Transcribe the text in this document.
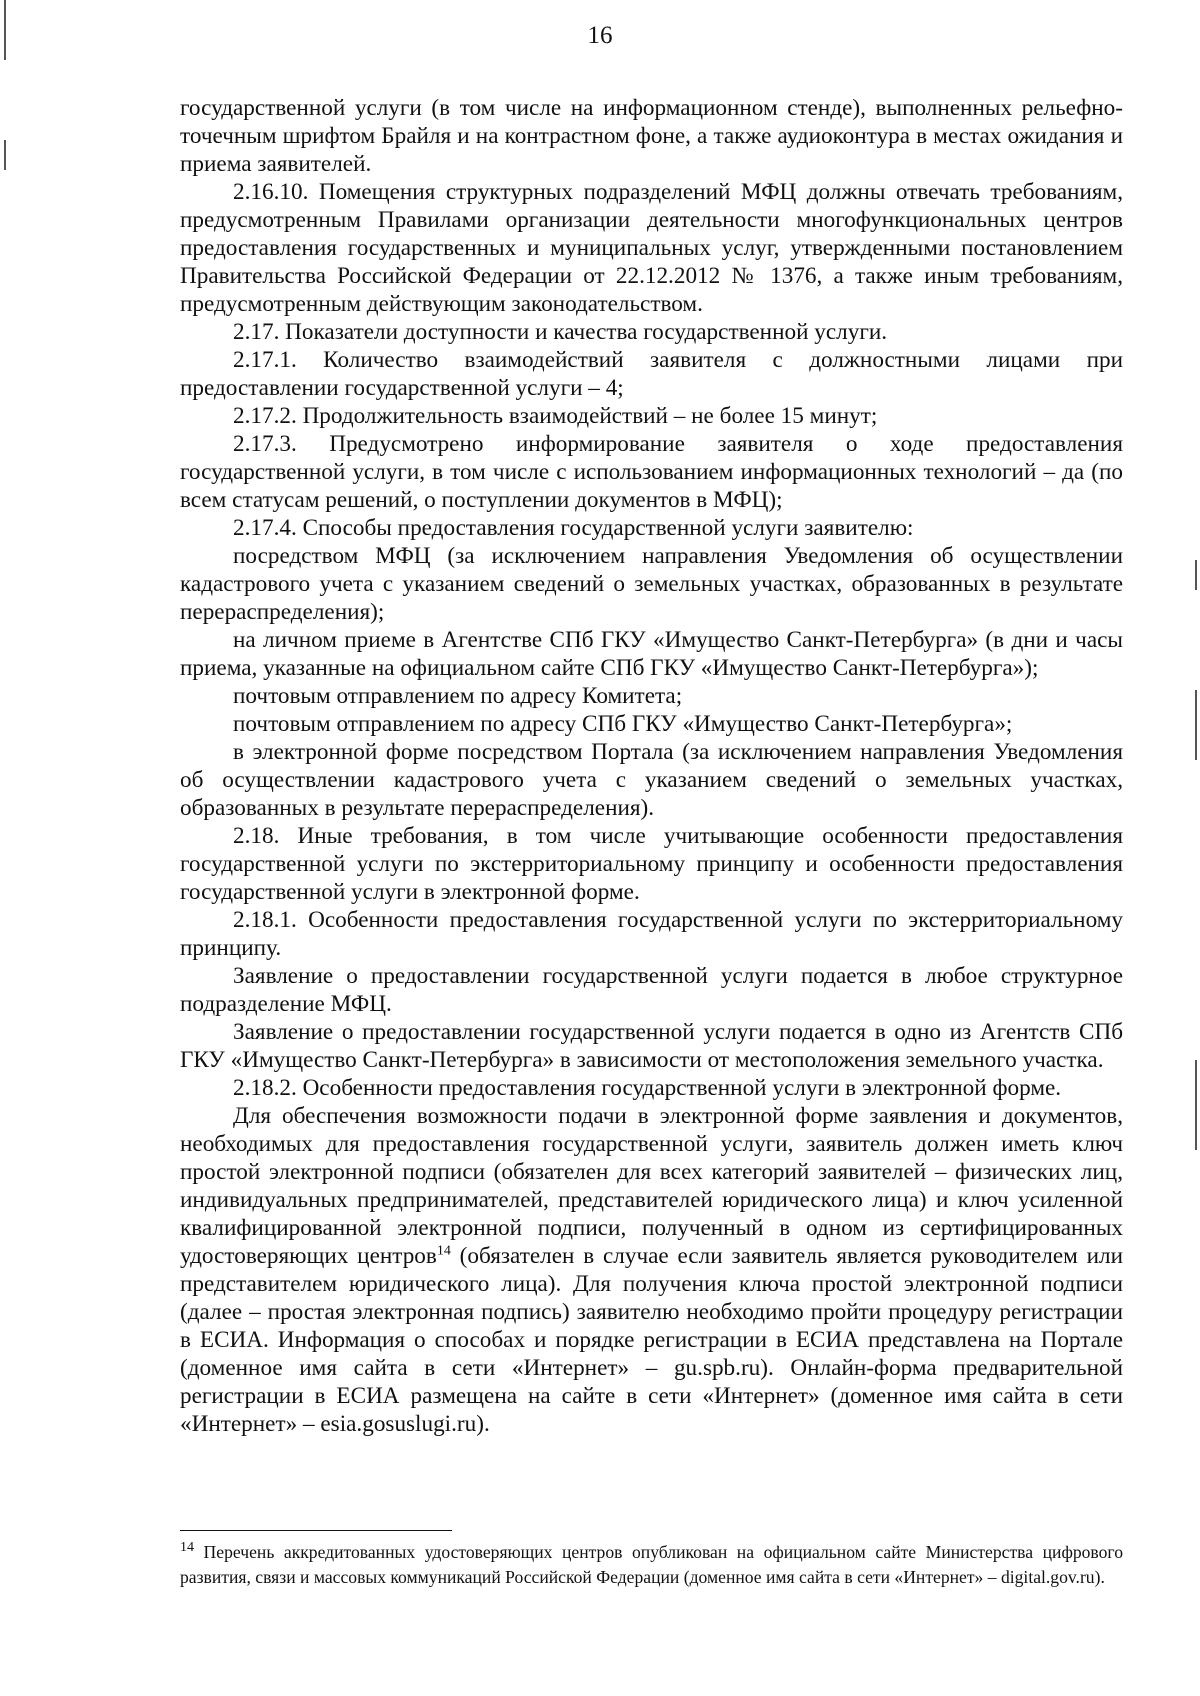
16

государственной услуги (в том числе на информационном стенде), выполненных рельефно-точечным шрифтом Брайля и на контрастном фоне, а также аудиоконтура в местах ожидания и приема заявителей.

2.16.10. Помещения структурных подразделений МФЦ должны отвечать требованиям, предусмотренным Правилами организации деятельности многофункциональных центров предоставления государственных и муниципальных услуг, утвержденными постановлением Правительства Российской Федерации от 22.12.2012 № 1376, а также иным требованиям, предусмотренным действующим законодательством.

2.17. Показатели доступности и качества государственной услуги.

2.17.1. Количество взаимодействий заявителя с должностными лицами при предоставлении государственной услуги – 4;

2.17.2. Продолжительность взаимодействий – не более 15 минут;

2.17.3. Предусмотрено информирование заявителя о ходе предоставления государственной услуги, в том числе с использованием информационных технологий – да (по всем статусам решений, о поступлении документов в МФЦ);

2.17.4. Способы предоставления государственной услуги заявителю:

посредством МФЦ (за исключением направления Уведомления об осуществлении кадастрового учета с указанием сведений о земельных участках, образованных в результате перераспределения);

на личном приеме в Агентстве СПб ГКУ «Имущество Санкт-Петербурга» (в дни и часы приема, указанные на официальном сайте СПб ГКУ «Имущество Санкт-Петербурга»);

почтовым отправлением по адресу Комитета;

почтовым отправлением по адресу СПб ГКУ «Имущество Санкт-Петербурга»;

в электронной форме посредством Портала (за исключением направления Уведомления об осуществлении кадастрового учета с указанием сведений о земельных участках, образованных в результате перераспределения).

2.18. Иные требования, в том числе учитывающие особенности предоставления государственной услуги по экстерриториальному принципу и особенности предоставления государственной услуги в электронной форме.

2.18.1. Особенности предоставления государственной услуги по экстерриториальному принципу.

Заявление о предоставлении государственной услуги подается в любое структурное подразделение МФЦ.

Заявление о предоставлении государственной услуги подается в одно из Агентств СПб ГКУ «Имущество Санкт-Петербурга» в зависимости от местоположения земельного участка.

2.18.2. Особенности предоставления государственной услуги в электронной форме.

Для обеспечения возможности подачи в электронной форме заявления и документов, необходимых для предоставления государственной услуги, заявитель должен иметь ключ простой электронной подписи (обязателен для всех категорий заявителей – физических лиц, индивидуальных предпринимателей, представителей юридического лица) и ключ усиленной квалифицированной электронной подписи, полученный в одном из сертифицированных удостоверяющих центров$^{14}$ (обязателен в случае если заявитель является руководителем или представителем юридического лица). Для получения ключа простой электронной подписи (далее – простая электронная подпись) заявителю необходимо пройти процедуру регистрации в ЕСИА. Информация о способах и порядке регистрации в ЕСИА представлена на Портале (доменное имя сайта в сети «Интернет» – gu.spb.ru). Онлайн-форма предварительной регистрации в ЕСИА размещена на сайте в сети «Интернет» (доменное имя сайта в сети «Интернет» – esia.gosuslugi.ru).

$^{14}$ Перечень аккредитованных удостоверяющих центров опубликован на официальном сайте Министерства цифрового развития, связи и массовых коммуникаций Российской Федерации (доменное имя сайта в сети «Интернет» – digital.gov.ru).
